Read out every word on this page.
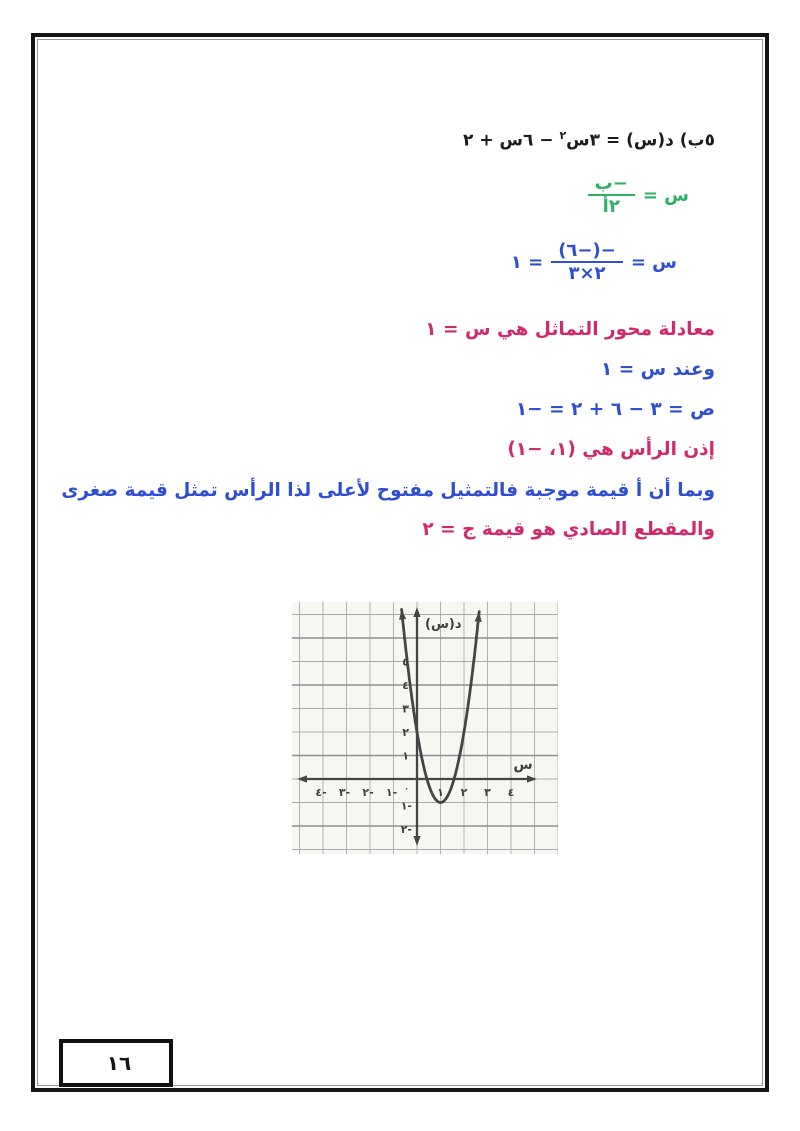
٥ب) د(س) = ٣س$^٢$ − ٦س + ٢
س =
$\frac{\text{−ب}}{\text{٢أ}}$
س =
$\frac{-(-٦)}{٢\times ٣}$
= ١
معادلة محور التماثل هي س = ١
وعند س = ١
ص = ٣ − ٦ + ٢ = −١
إذن الرأس هي (١، −١)
وبما أن أ قيمة موجبة فالتمثيل مفتوح لأعلى لذا الرأس تمثل قيمة صغرى
والمقطع الصادي هو قيمة ج = ٢
١ ٢ ٣ ٤
١-
٢-
٣-
٤-	٠
١
٢
٣
٤
٥
١-
٢-
س
د(س)
١٦
